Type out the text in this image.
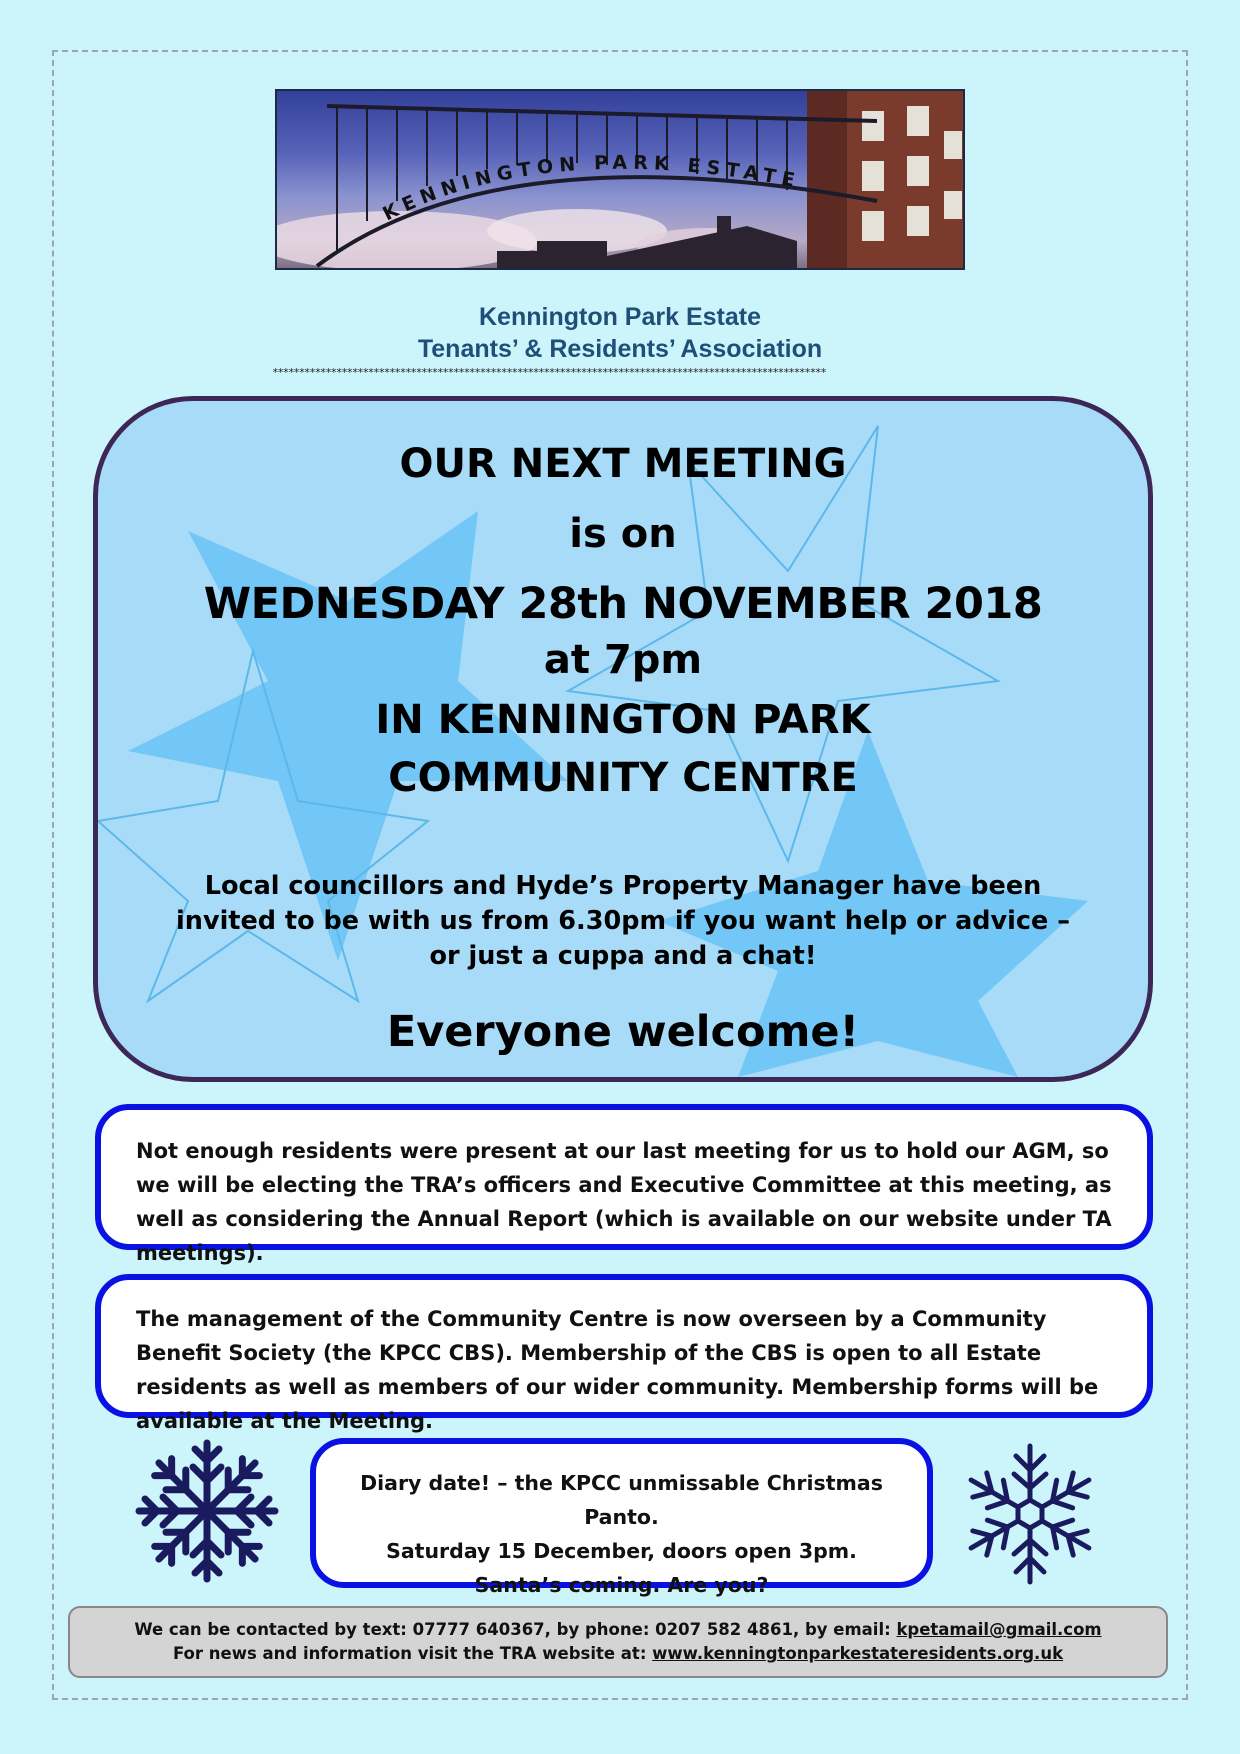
KENNINGTON PARK ESTATE
Kennington Park Estate
Tenants’ & Residents’ Association
********************************************************************************************************
OUR NEXT MEETING
is on
WEDNESDAY 28th NOVEMBER 2018
at 7pm
IN KENNINGTON PARK
COMMUNITY CENTRE
Local councillors and Hyde’s Property Manager have been invited to be with us from 6.30pm if you want help or advice – or just a cuppa and a chat!
Everyone welcome!
Not enough residents were present at our last meeting for us to hold our AGM, so we will be electing the TRA’s officers and Executive Committee at this meeting, as well as considering the Annual Report (which is available on our website under TA meetings).
The management of the Community Centre is now overseen by a Community Benefit Society (the KPCC CBS). Membership of the CBS is open to all Estate residents as well as members of our wider community. Membership forms will be available at the Meeting.
Diary date! – the KPCC unmissable Christmas Panto.
Saturday 15 December, doors open 3pm.
Santa’s coming. Are you?
We can be contacted by text: 07777 640367, by phone: 0207 582 4861, by email: kpetamail@gmail.com
For news and information visit the TRA website at: www.kenningtonparkestateresidents.org.uk
